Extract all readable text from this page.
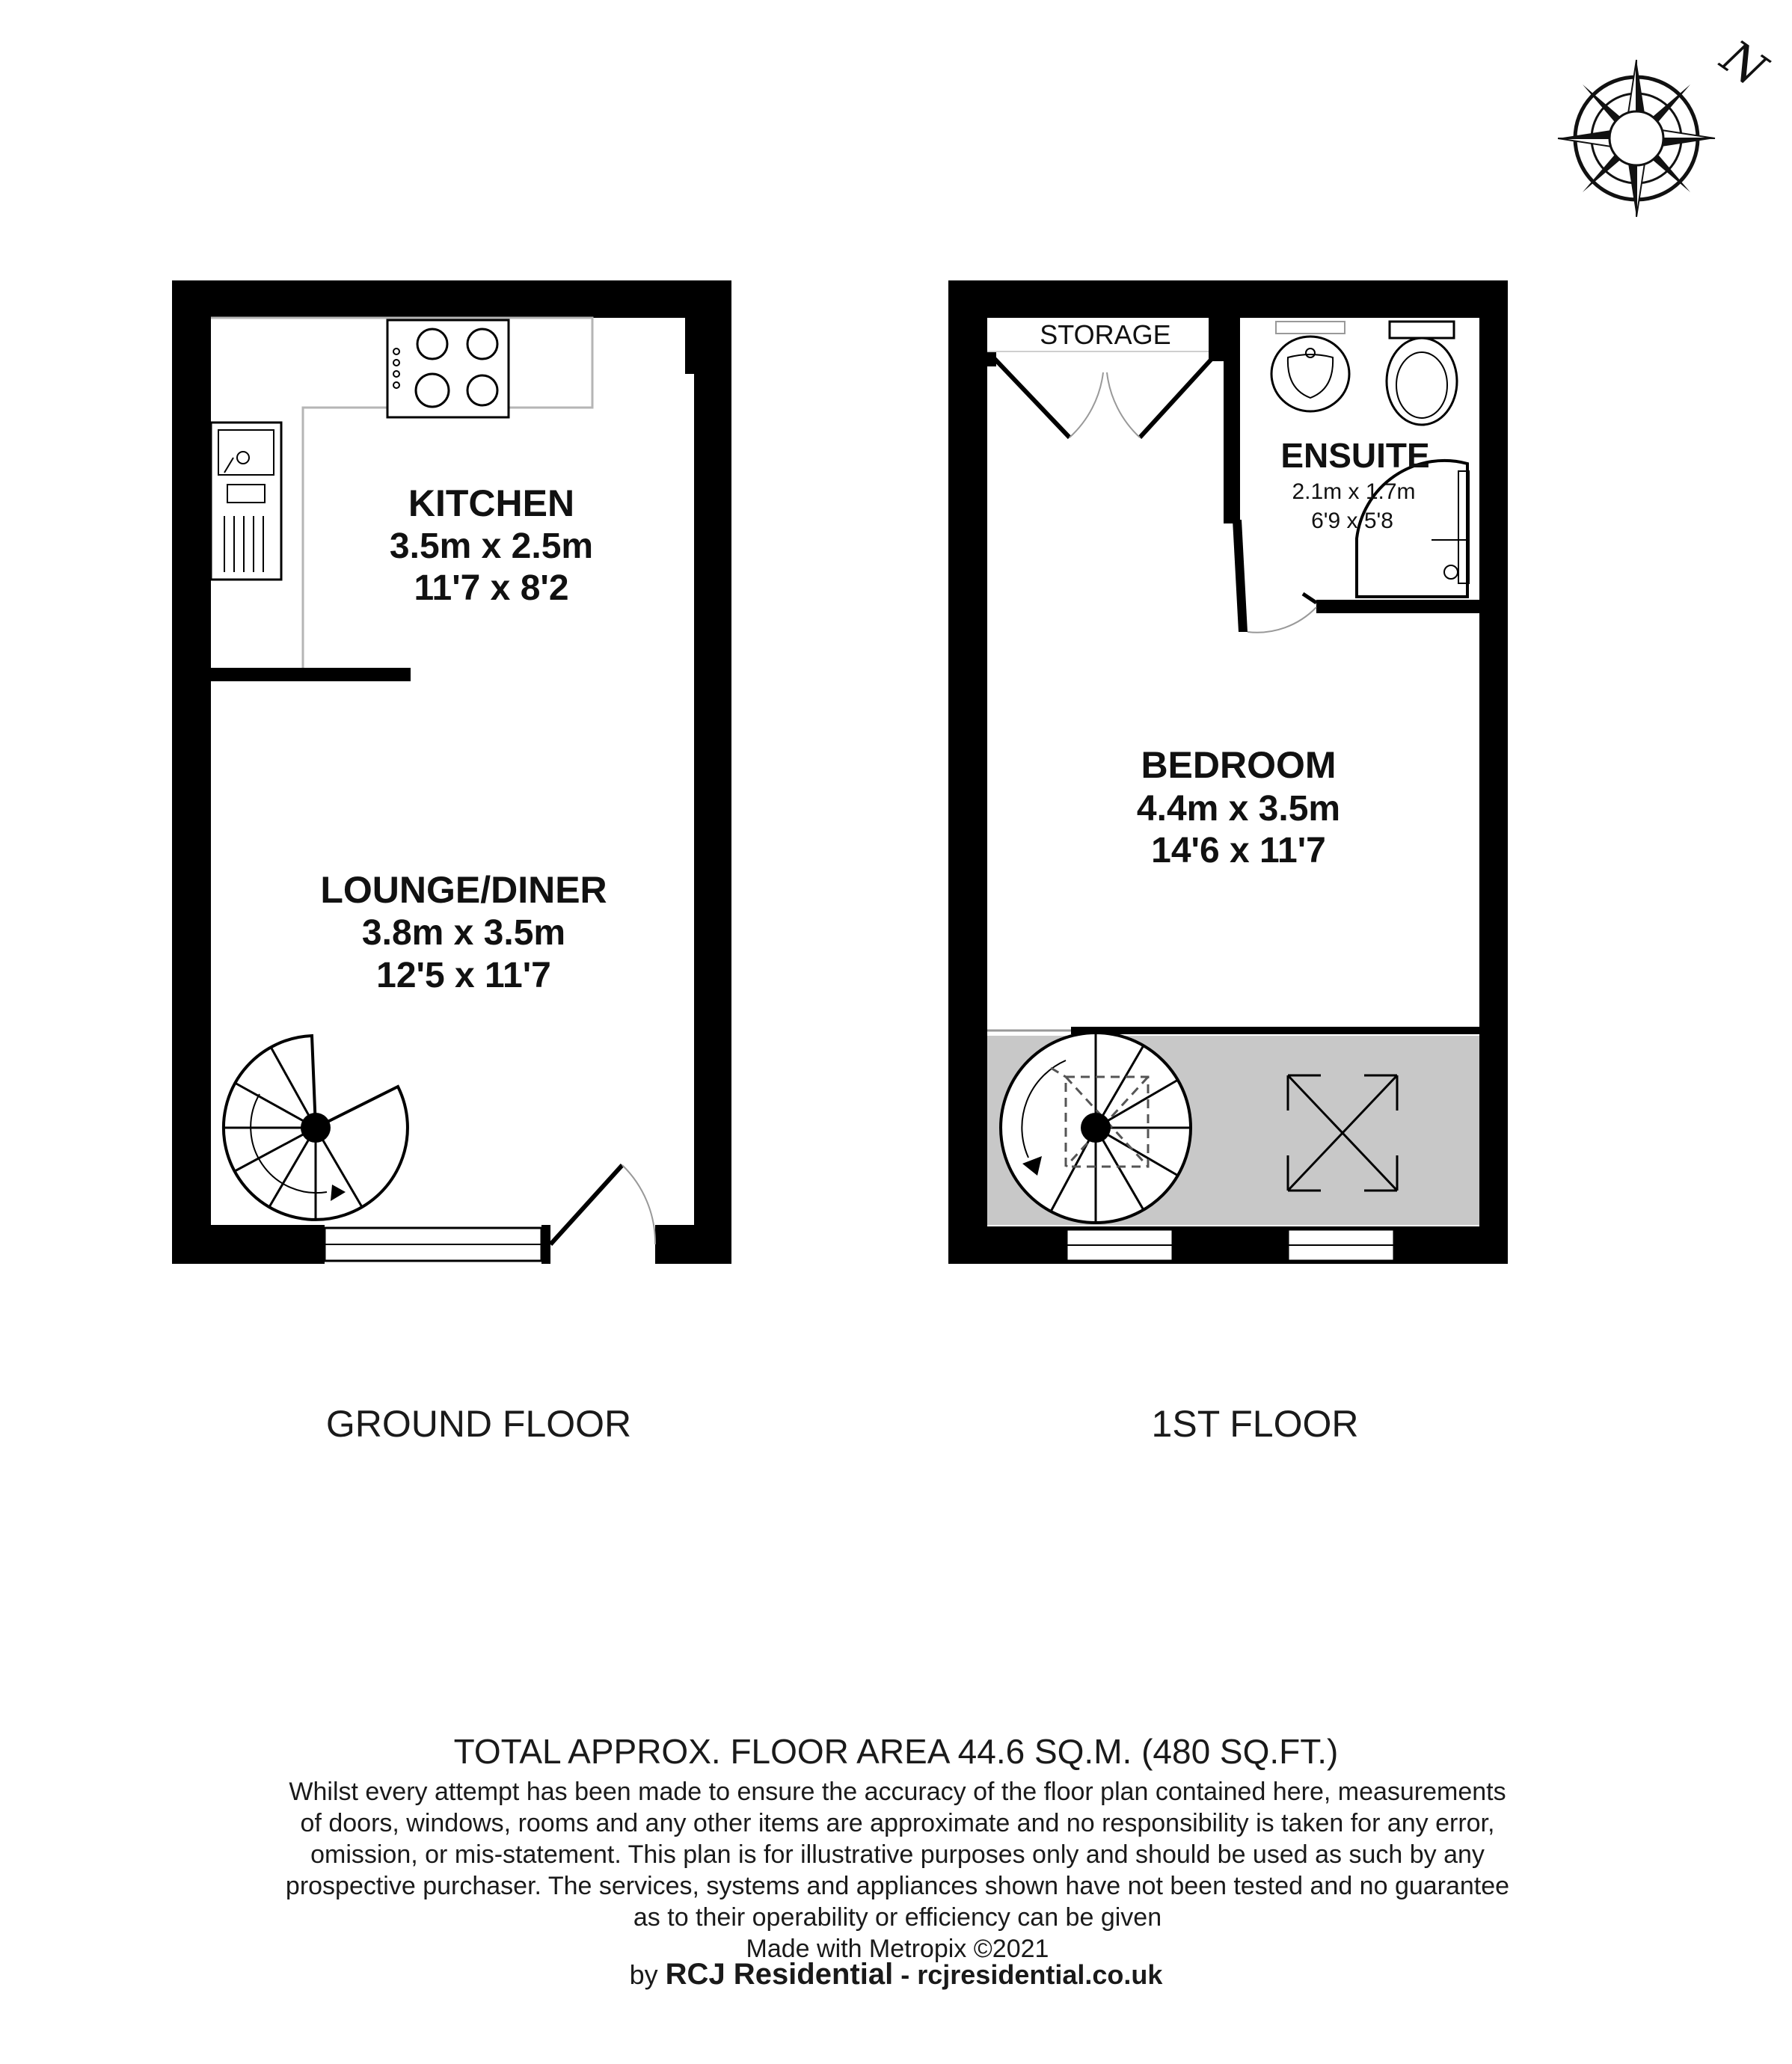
N
KITCHEN
3.5m x 2.5m
11'7 x 8'2
LOUNGE/DINER
3.8m x 3.5m
12'5 x 11'7
STORAGE
ENSUITE
2.1m x 1.7m
6'9 x 5'8
BEDROOM
4.4m x 3.5m
14'6 x 11'7
GROUND FLOOR	1ST FLOOR
TOTAL APPROX. FLOOR AREA 44.6 SQ.M. (480 SQ.FT.)
Whilst every attempt has been made to ensure the accuracy of the floor plan contained here, measurements
of doors, windows, rooms and any other items are approximate and no responsibility is taken for any error,
omission, or mis-statement. This plan is for illustrative purposes only and should be used as such by any
prospective purchaser. The services, systems and appliances shown have not been tested and no guarantee
as to their operability or efficiency can be given
Made with Metropix ©2021
by RCJ Residential - rcjresidential.co.uk
